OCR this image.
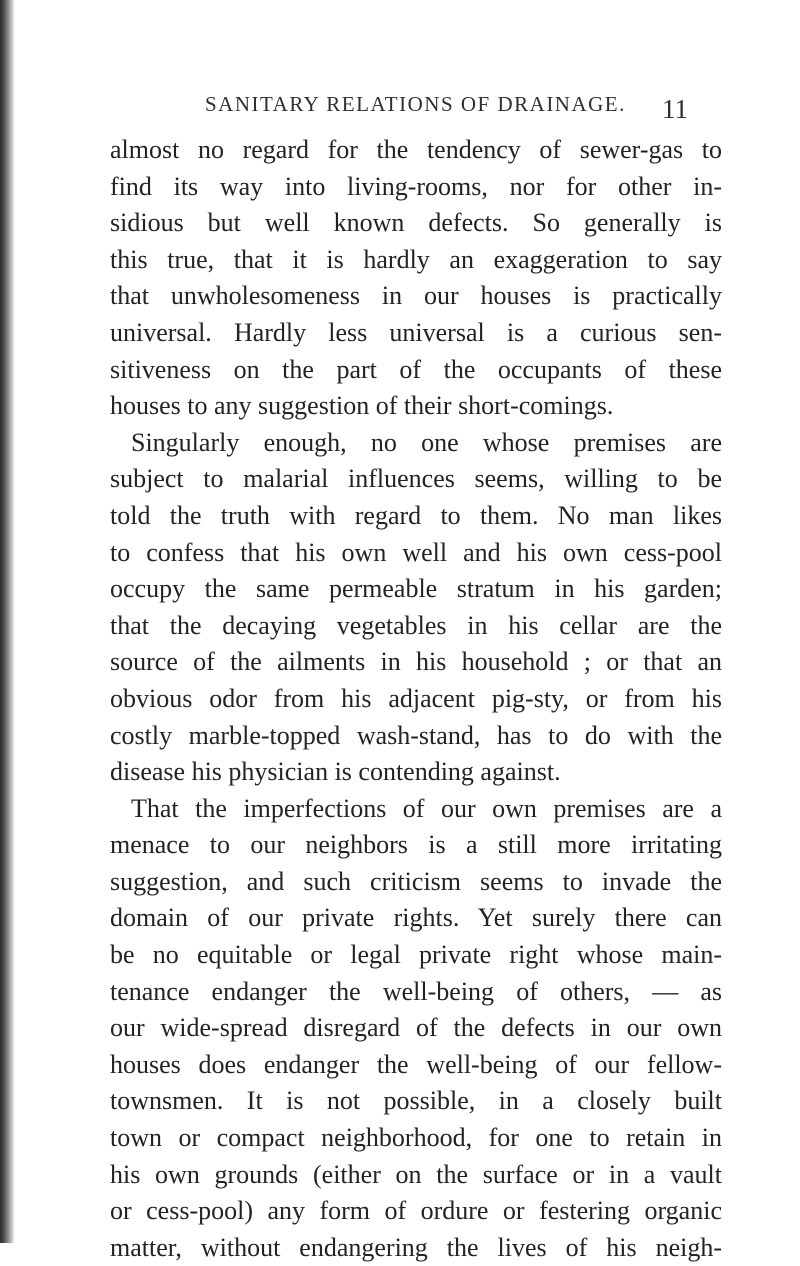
SANITARY RELATIONS OF DRAINAGE. 11
almost no regard for the tendency of sewer-gas to
find its way into living-rooms, nor for other in-
sidious but well known defects. So generally is
this true, that it is hardly an exaggeration to say
that unwholesomeness in our houses is practically
universal. Hardly less universal is a curious sen-
sitiveness on the part of the occupants of these
houses to any suggestion of their short-comings.
Singularly enough, no one whose premises are
subject to malarial influences seems, willing to be
told the truth with regard to them. No man likes
to confess that his own well and his own cess-pool
occupy the same permeable stratum in his garden;
that the decaying vegetables in his cellar are the
source of the ailments in his household ; or that an
obvious odor from his adjacent pig-sty, or from his
costly marble-topped wash-stand, has to do with the
disease his physician is contending against.
That the imperfections of our own premises are a
menace to our neighbors is a still more irritating
suggestion, and such criticism seems to invade the
domain of our private rights. Yet surely there can
be no equitable or legal private right whose main-
tenance endanger the well-being of others, — as
our wide-spread disregard of the defects in our own
houses does endanger the well-being of our fellow-
townsmen. It is not possible, in a closely built
town or compact neighborhood, for one to retain in
his own grounds (either on the surface or in a vault
or cess-pool) any form of ordure or festering organic
matter, without endangering the lives of his neigh-
